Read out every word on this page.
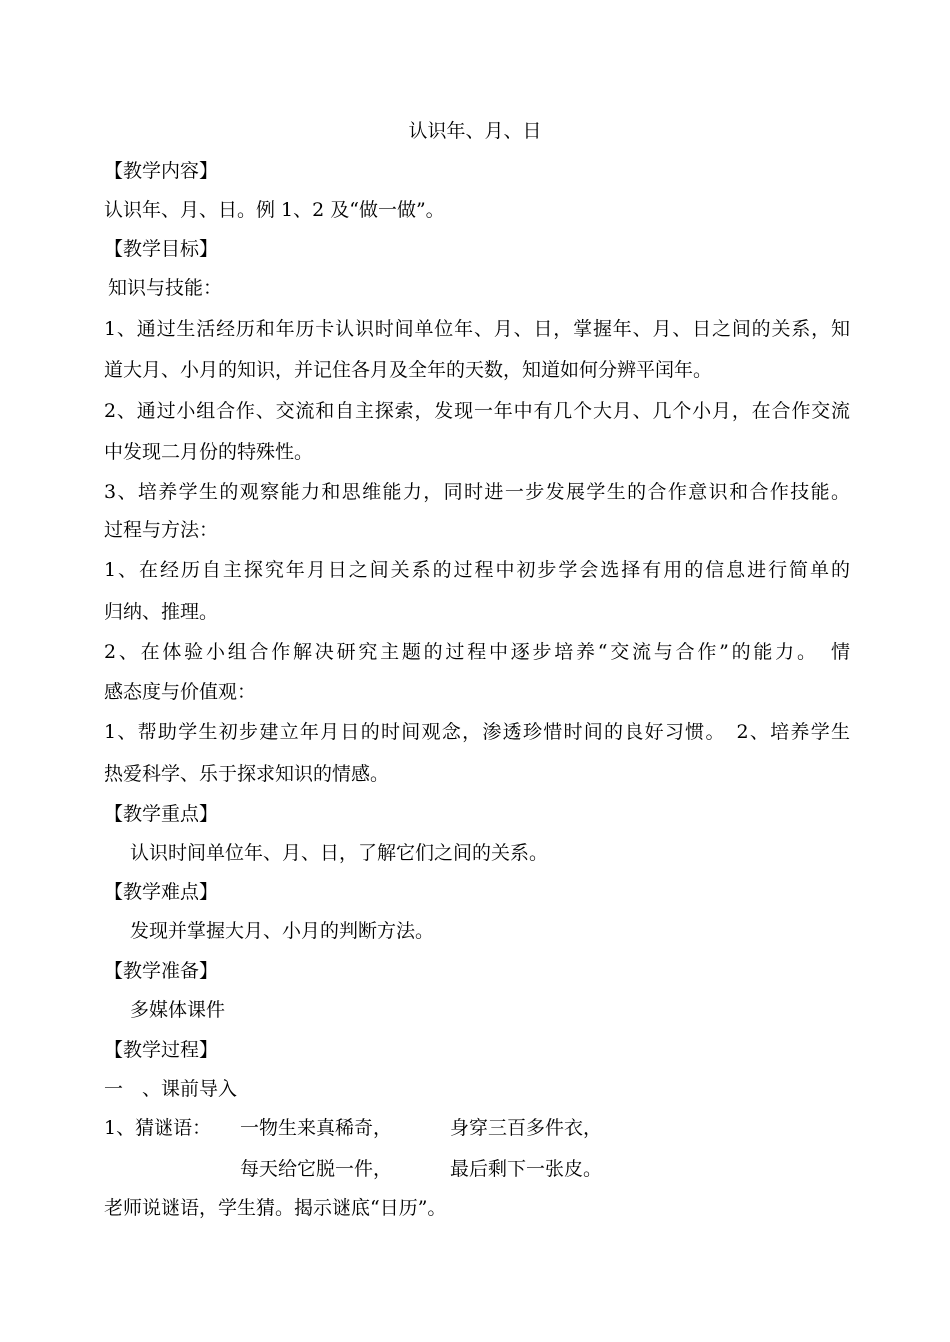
认识年、月、日
【教学内容】
认识年、月、日。例 1、2 及“做一做”。
【教学目标】
知识与技能：
1、通过生活经历和年历卡认识时间单位年、月、日，掌握年、月、日之间的关系，知
道大月、小月的知识，并记住各月及全年的天数，知道如何分辨平闰年。
2、通过小组合作、交流和自主探索，发现一年中有几个大月、几个小月，在合作交流
中发现二月份的特殊性。
3、培养学生的观察能力和思维能力，同时进一步发展学生的合作意识和合作技能。
过程与方法：
1、在经历自主探究年月日之间关系的过程中初步学会选择有用的信息进行简单的
归纳、推理。
2、在体验小组合作解决研究主题的过程中逐步培养“交流与合作”的能力。　情
感态度与价值观：
1、帮助学生初步建立年月日的时间观念，渗透珍惜时间的良好习惯。　2、培养学生
热爱科学、乐于探求知识的情感。
【教学重点】
认识时间单位年、月、日，了解它们之间的关系。
【教学难点】
发现并掌握大月、小月的判断方法。
【教学准备】
多媒体课件
【教学过程】
一　、课前导入
1、猜谜语： 一物生来真稀奇，	身穿三百多件衣，
每天给它脱一件，	最后剩下一张皮。
老师说谜语，学生猜。揭示谜底“日历”。
